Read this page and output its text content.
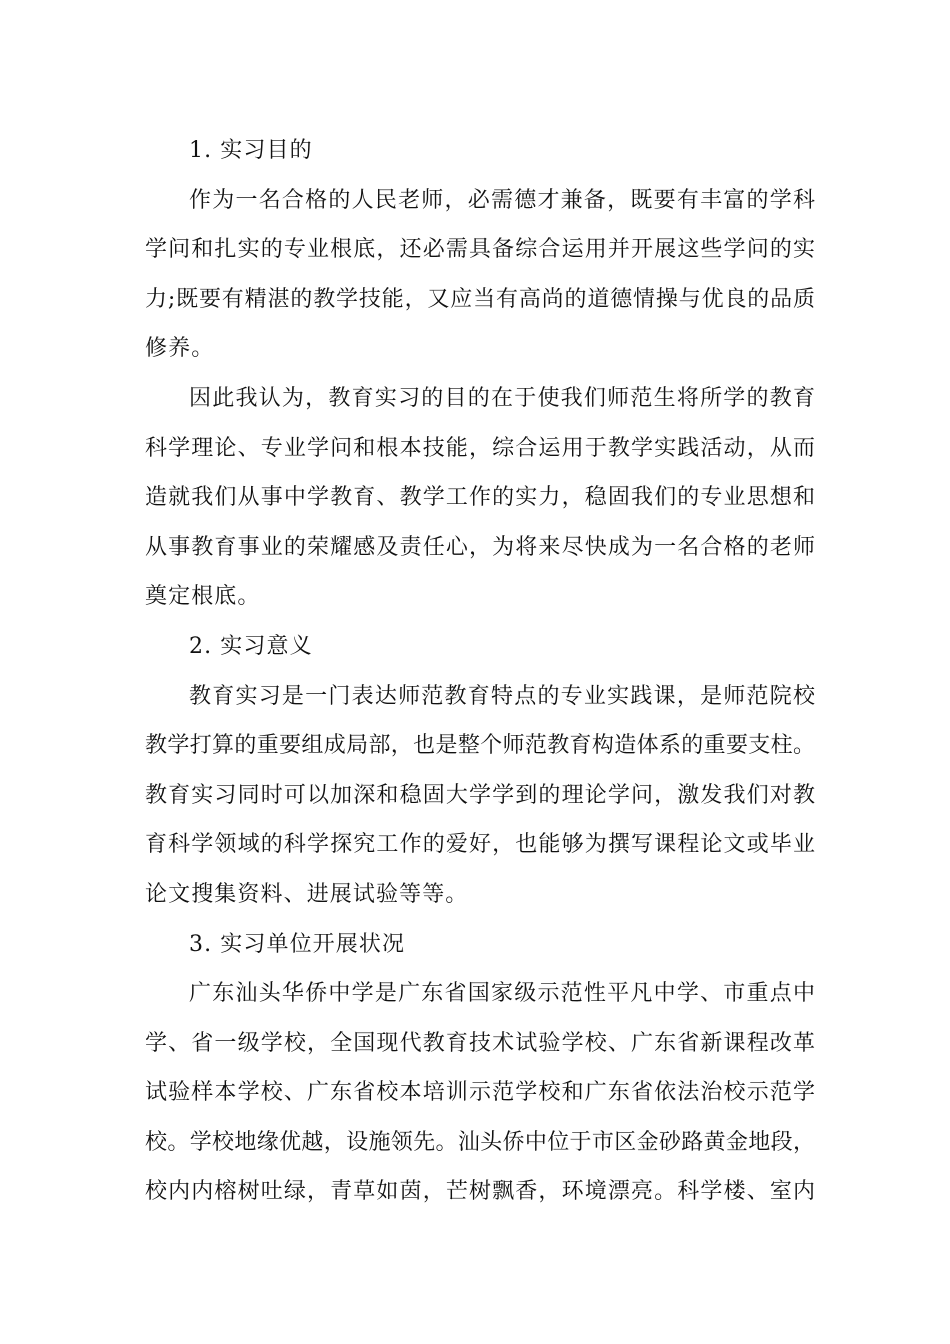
1. 实习目的
作为一名合格的人民老师，必需德才兼备，既要有丰富的学科
学问和扎实的专业根底，还必需具备综合运用并开展这些学问的实
力;既要有精湛的教学技能，又应当有高尚的道德情操与优良的品质
修养。
因此我认为，教育实习的目的在于使我们师范生将所学的教育
科学理论、专业学问和根本技能，综合运用于教学实践活动，从而
造就我们从事中学教育、教学工作的实力，稳固我们的专业思想和
从事教育事业的荣耀感及责任心，为将来尽快成为一名合格的老师
奠定根底。
2. 实习意义
教育实习是一门表达师范教育特点的专业实践课，是师范院校
教学打算的重要组成局部，也是整个师范教育构造体系的重要支柱。
教育实习同时可以加深和稳固大学学到的理论学问，激发我们对教
育科学领域的科学探究工作的爱好，也能够为撰写课程论文或毕业
论文搜集资料、进展试验等等。
3. 实习单位开展状况
广东汕头华侨中学是广东省国家级示范性平凡中学、市重点中
学、省一级学校，全国现代教育技术试验学校、广东省新课程改革
试验样本学校、广东省校本培训示范学校和广东省依法治校示范学
校。学校地缘优越，设施领先。汕头侨中位于市区金砂路黄金地段，
校内内榕树吐绿，青草如茵，芒树飘香，环境漂亮。科学楼、室内
